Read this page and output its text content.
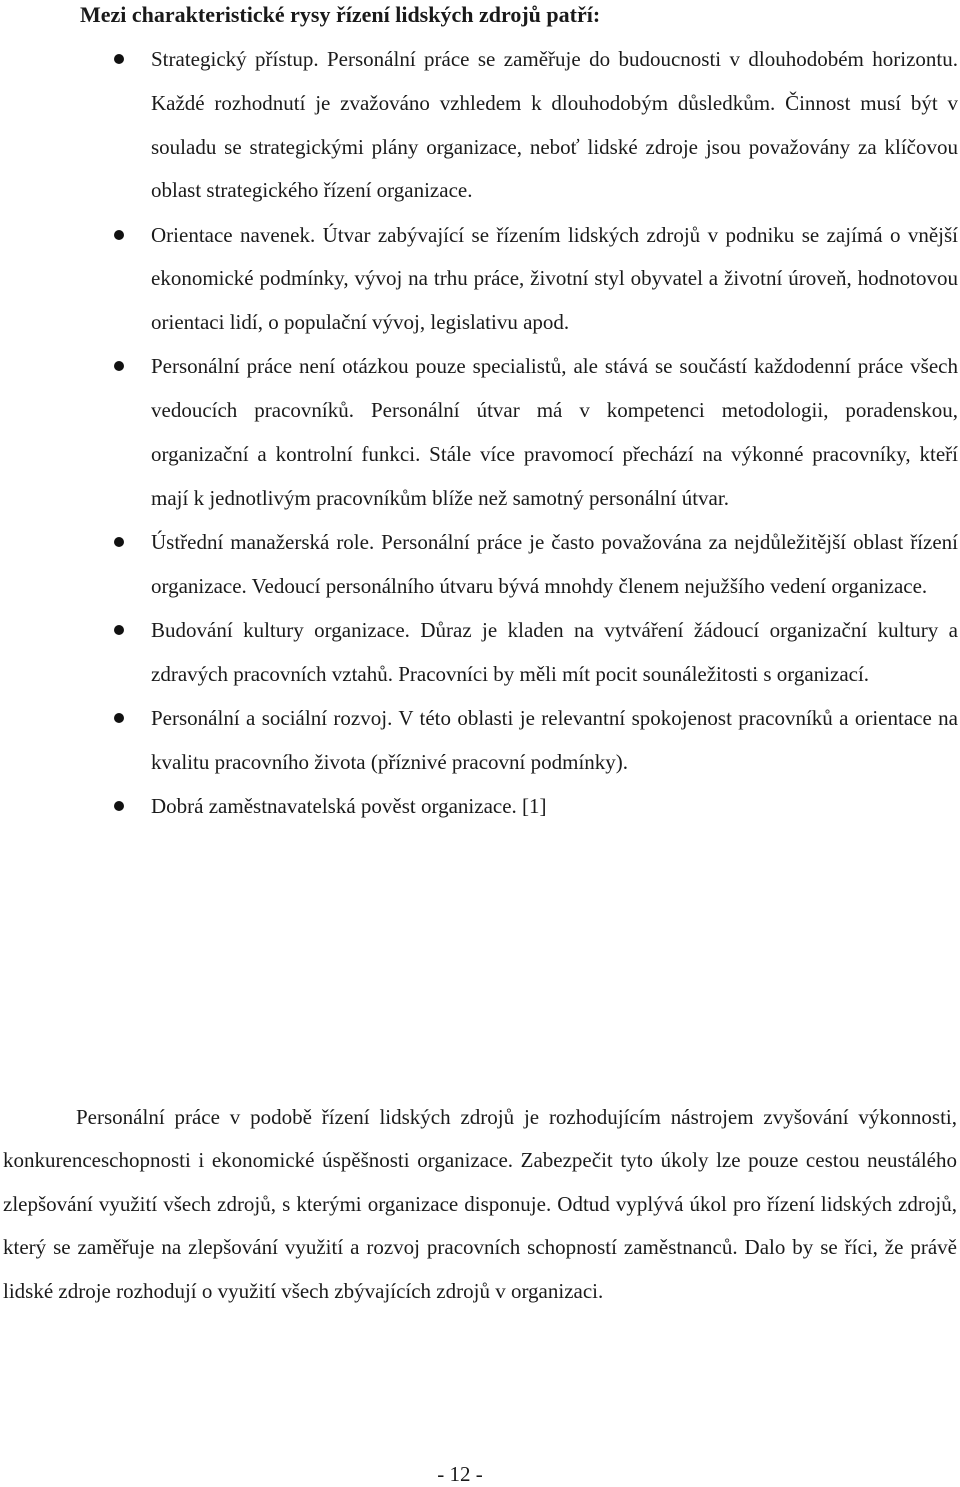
Mezi charakteristické rysy řízení lidských zdrojů patří:
Strategický přístup. Personální práce se zaměřuje do budoucnosti v dlouhodobém horizontu. Každé rozhodnutí je zvažováno vzhledem k dlouhodobým důsledkům. Činnost musí být v souladu se strategickými plány organizace, neboť lidské zdroje jsou považovány za klíčovou oblast strategického řízení organizace.
Orientace navenek. Útvar zabývající se řízením lidských zdrojů v podniku se zajímá o vnější ekonomické podmínky, vývoj na trhu práce, životní styl obyvatel a životní úroveň, hodnotovou orientaci lidí, o populační vývoj, legislativu apod.
Personální práce není otázkou pouze specialistů, ale stává se součástí každodenní práce všech vedoucích pracovníků. Personální útvar má v kompetenci metodologii, poradenskou, organizační a kontrolní funkci. Stále více pravomocí přechází na výkonné pracovníky, kteří mají k jednotlivým pracovníkům blíže než samotný personální útvar.
Ústřední manažerská role. Personální práce je často považována za nejdůležitější oblast řízení organizace. Vedoucí personálního útvaru bývá mnohdy členem nejužšího vedení organizace.
Budování kultury organizace. Důraz je kladen na vytváření žádoucí organizační kultury a zdravých pracovních vztahů. Pracovníci by měli mít pocit sounáležitosti s organizací.
Personální a sociální rozvoj. V této oblasti je relevantní spokojenost pracovníků a orientace na kvalitu pracovního života (příznivé pracovní podmínky).
Dobrá zaměstnavatelská pověst organizace. [1]

Personální práce v podobě řízení lidských zdrojů je rozhodujícím nástrojem zvyšování výkonnosti, konkurenceschopnosti i ekonomické úspěšnosti organizace. Zabezpečit tyto úkoly lze pouze cestou neustálého zlepšování využití všech zdrojů, s kterými organizace disponuje. Odtud vyplývá úkol pro řízení lidských zdrojů, který se zaměřuje na zlepšování využití a rozvoj pracovních schopností zaměstnanců. Dalo by se říci, že právě lidské zdroje rozhodují o využití všech zbývajících zdrojů v organizaci.

- 12 -
